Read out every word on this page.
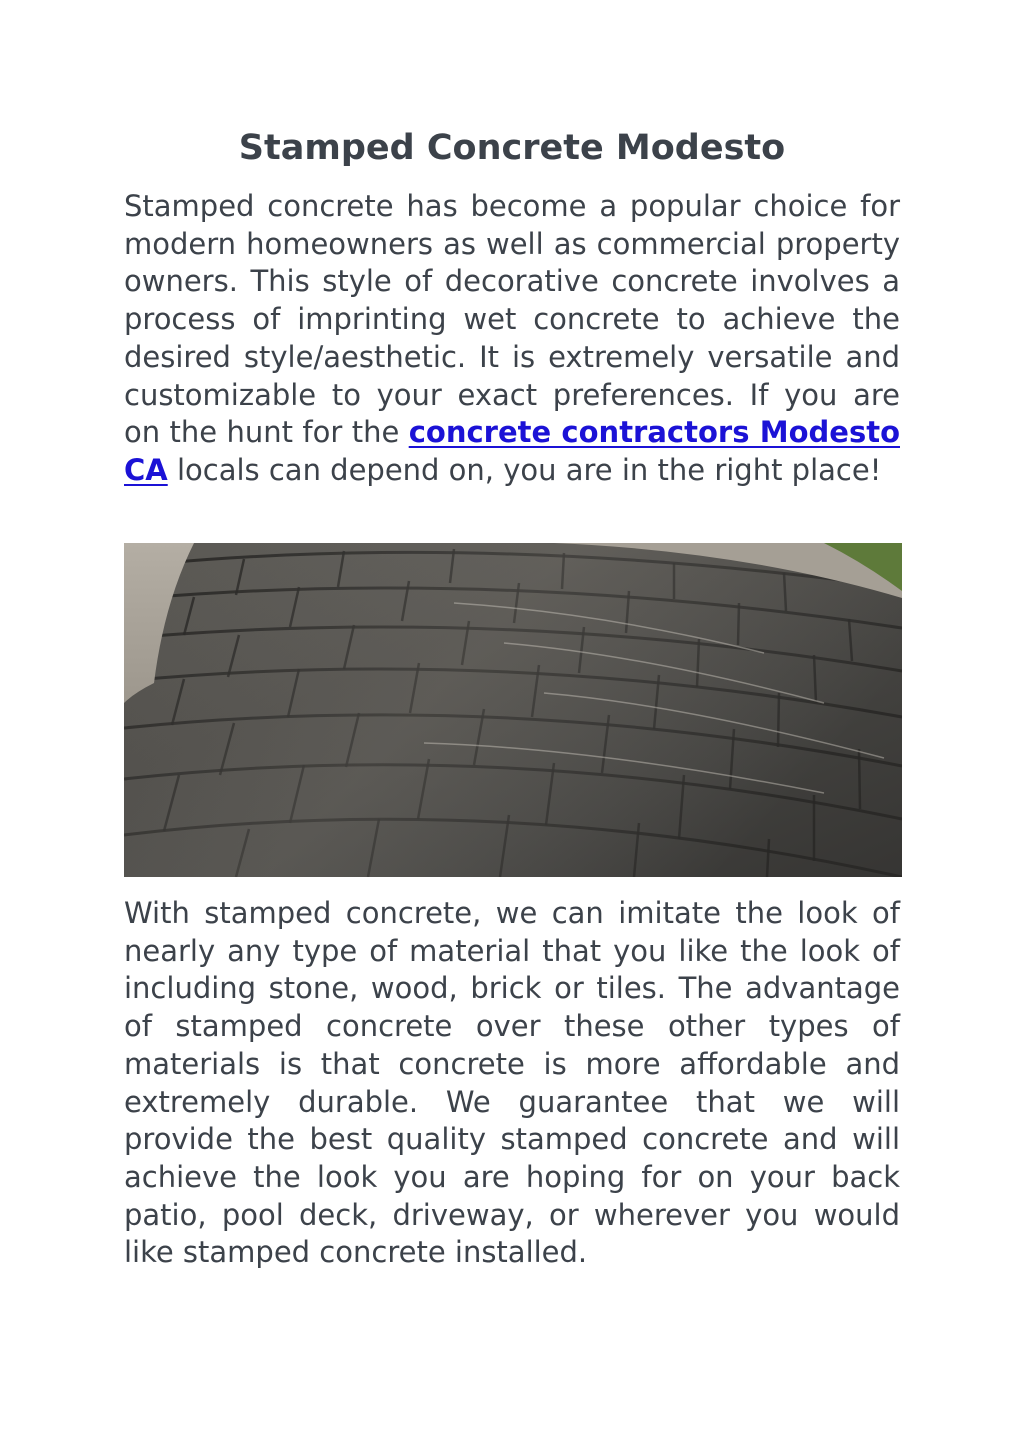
Stamped Concrete Modesto

Stamped concrete has become a popular choice for modern homeowners as well as commercial property owners. This style of decorative concrete involves a process of imprinting wet concrete to achieve the desired style/aesthetic. It is extremely versatile and customizable to your exact preferences. If you are on the hunt for the concrete contractors Modesto CA locals can depend on, you are in the right place!

With stamped concrete, we can imitate the look of nearly any type of material that you like the look of including stone, wood, brick or tiles. The advantage of stamped concrete over these other types of materials is that concrete is more affordable and extremely durable. We guarantee that we will provide the best quality stamped concrete and will achieve the look you are hoping for on your back patio, pool deck, driveway, or wherever you would like stamped concrete installed.
